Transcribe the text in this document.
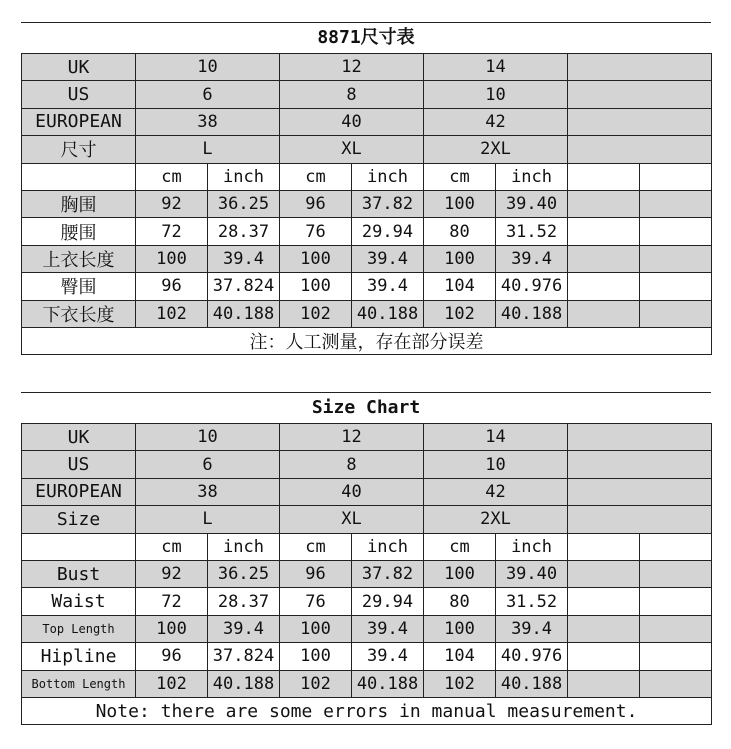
8871尺寸表
UK	10		12		14			
US	6		8		10			
EUROPEAN	38		40		42			
尺寸	L		XL		2XL			
	cm	inch	cm	inch	cm	inch		
胸围	92	36.25	96	37.82	100	39.40		
腰围	72	28.37	76	29.94	80	31.52		
上衣长度	100	39.4	100	39.4	100	39.4		
臀围	96	37.824	100	39.4	104	40.976		
下衣长度	102	40.188	102	40.188	102	40.188		
注：人工测量，存在部分误差								
Size Chart
UK	10		12		14			
US	6		8		10			
EUROPEAN	38		40		42			
Size	L		XL		2XL			
	cm	inch	cm	inch	cm	inch		
Bust	92	36.25	96	37.82	100	39.40		
Waist	72	28.37	76	29.94	80	31.52		
Top Length	100	39.4	100	39.4	100	39.4		
Hipline	96	37.824	100	39.4	104	40.976		
Bottom Length	102	40.188	102	40.188	102	40.188		
Note: there are some errors in manual measurement.								
